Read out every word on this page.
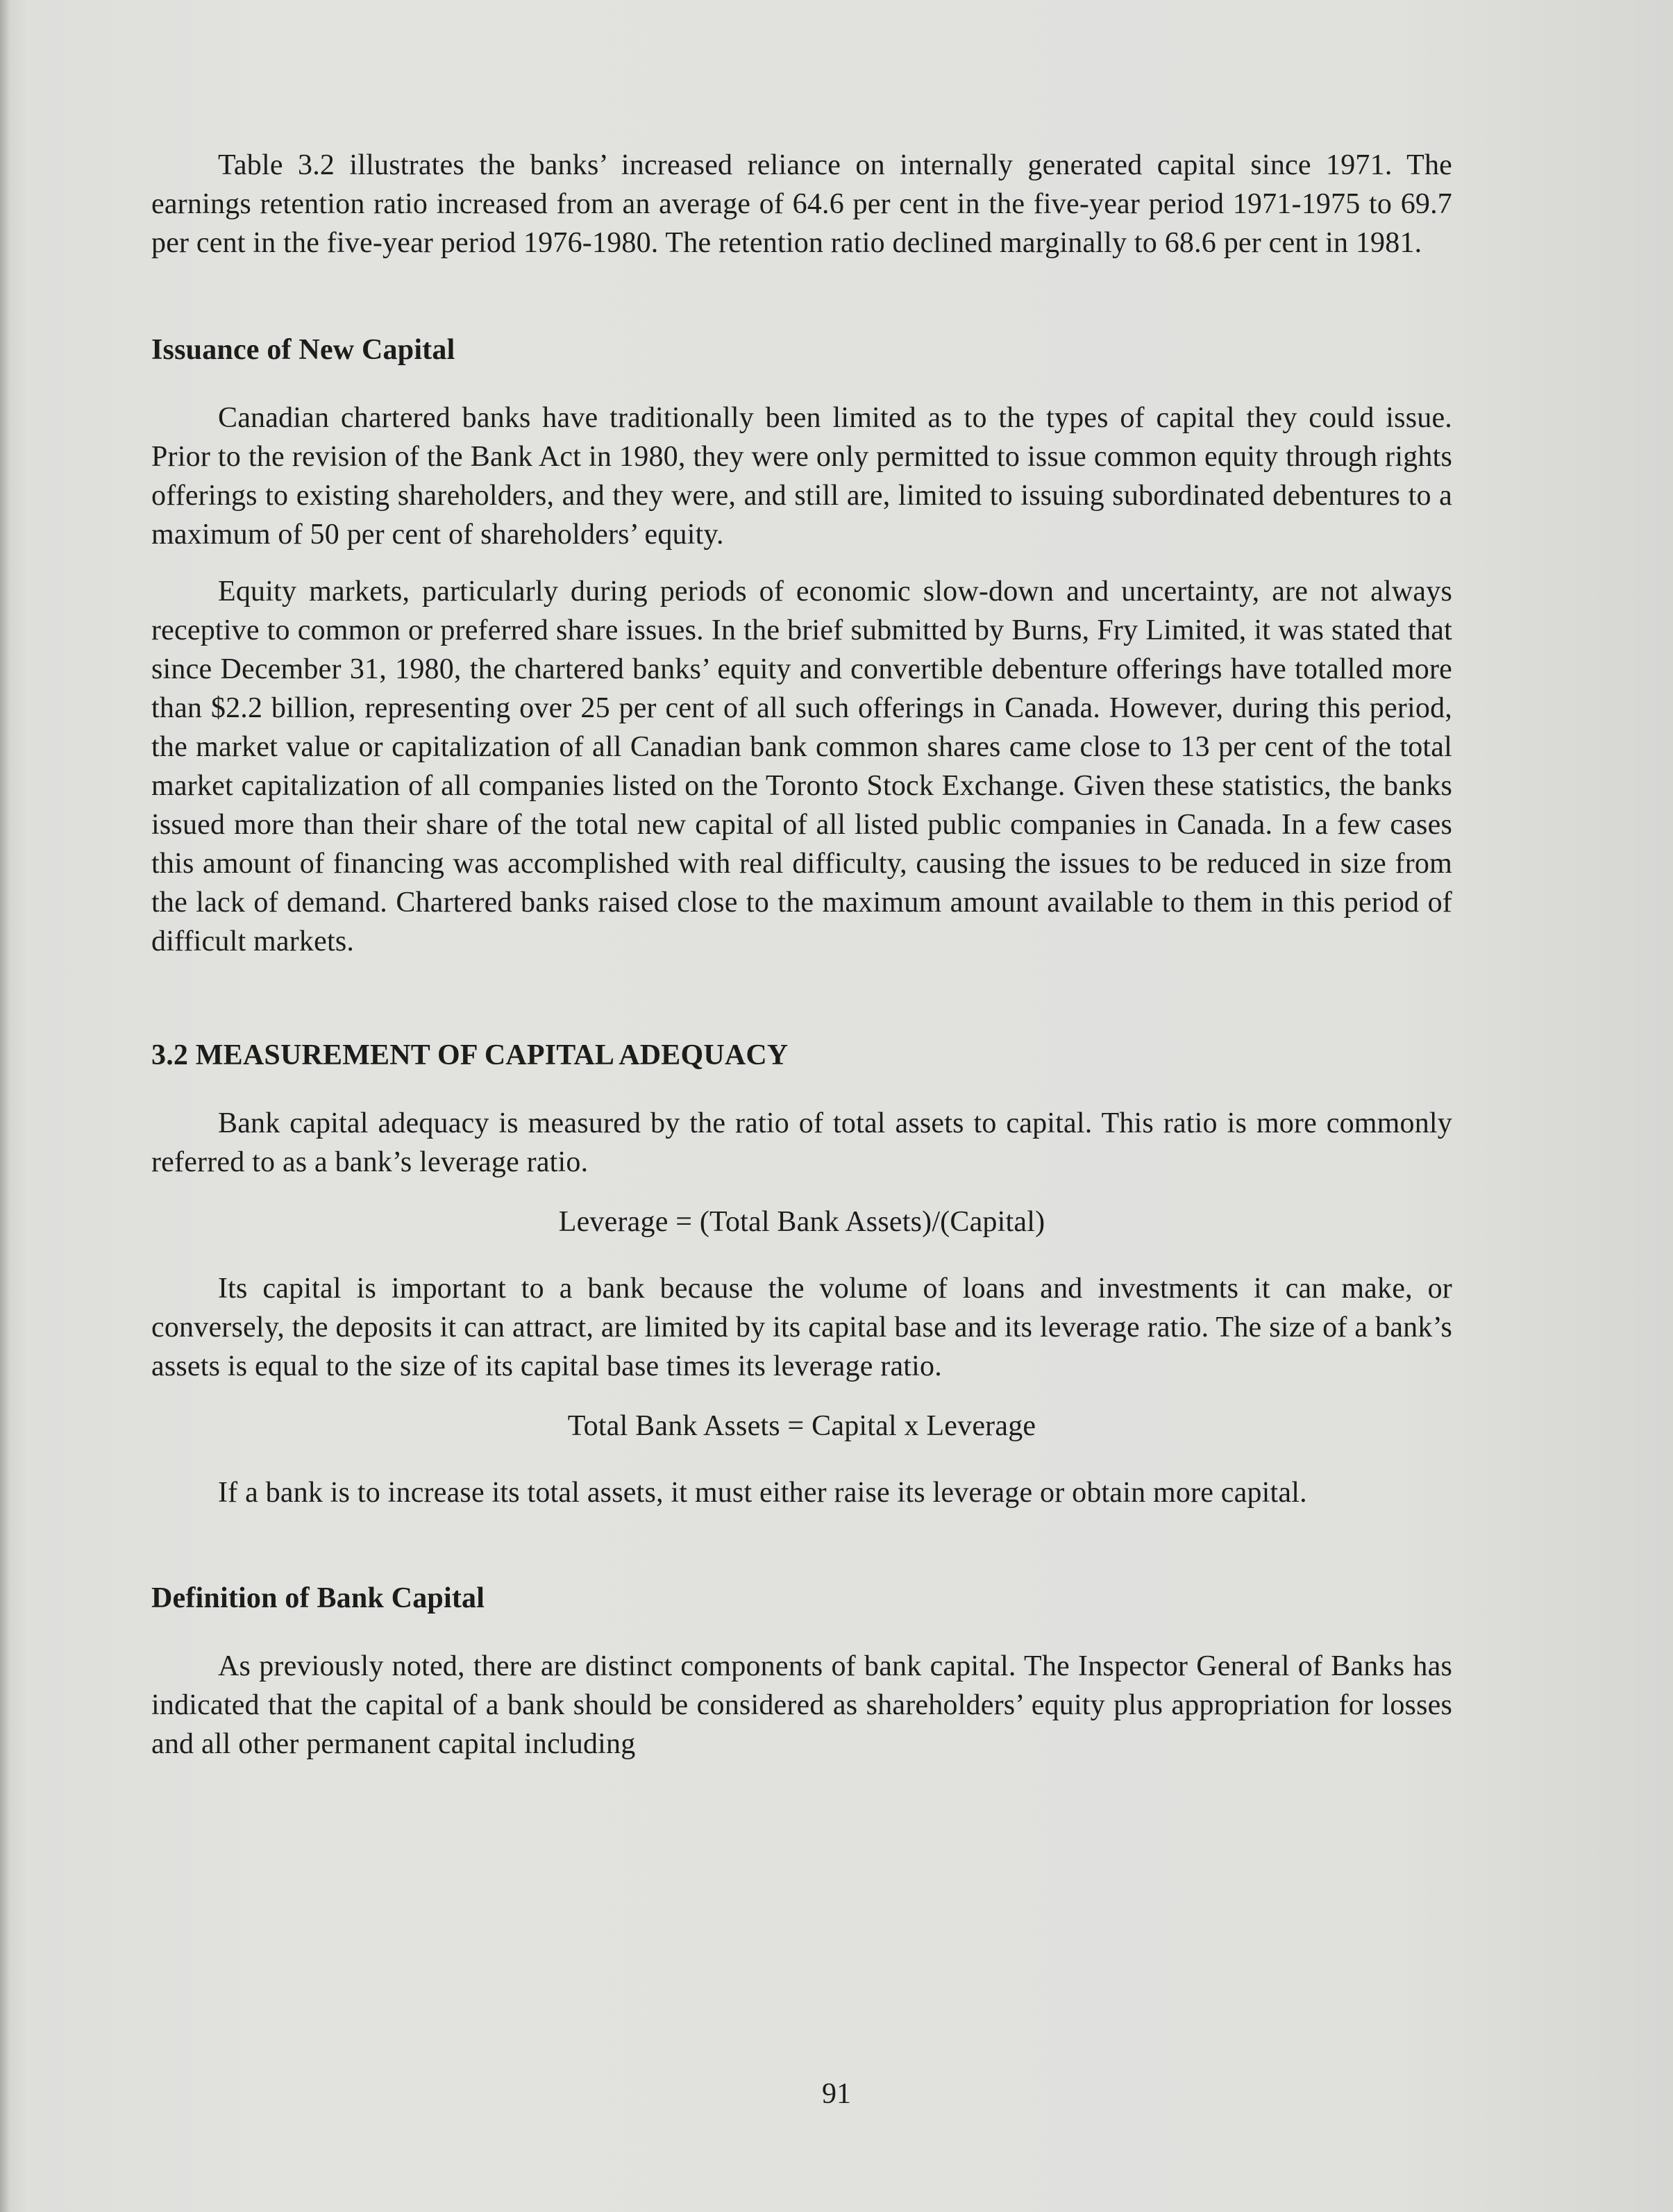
Table 3.2 illustrates the banks’ increased reliance on internally generated capital since 1971. The earnings retention ratio increased from an average of 64.6 per cent in the five-year period 1971-1975 to 69.7 per cent in the five-year period 1976-1980. The retention ratio declined marginally to 68.6 per cent in 1981.

Issuance of New Capital

Canadian chartered banks have traditionally been limited as to the types of capital they could issue. Prior to the revision of the Bank Act in 1980, they were only permitted to issue common equity through rights offerings to existing shareholders, and they were, and still are, limited to issuing subordinated debentures to a maximum of 50 per cent of shareholders’ equity.

Equity markets, particularly during periods of economic slow-down and uncertainty, are not always receptive to common or preferred share issues. In the brief submitted by Burns, Fry Limited, it was stated that since December 31, 1980, the chartered banks’ equity and convertible debenture offerings have totalled more than $2.2 billion, representing over 25 per cent of all such offerings in Canada. However, during this period, the market value or capitalization of all Canadian bank common shares came close to 13 per cent of the total market capitalization of all companies listed on the Toronto Stock Exchange. Given these statistics, the banks issued more than their share of the total new capital of all listed public companies in Canada. In a few cases this amount of financing was accomplished with real difficulty, causing the issues to be reduced in size from the lack of demand. Chartered banks raised close to the maximum amount available to them in this period of difficult markets.

3.2 MEASUREMENT OF CAPITAL ADEQUACY

Bank capital adequacy is measured by the ratio of total assets to capital. This ratio is more commonly referred to as a bank’s leverage ratio.

Leverage = (Total Bank Assets)/(Capital)

Its capital is important to a bank because the volume of loans and investments it can make, or conversely, the deposits it can attract, are limited by its capital base and its leverage ratio. The size of a bank’s assets is equal to the size of its capital base times its leverage ratio.

Total Bank Assets = Capital x Leverage

If a bank is to increase its total assets, it must either raise its leverage or obtain more capital.

Definition of Bank Capital

As previously noted, there are distinct components of bank capital. The Inspector General of Banks has indicated that the capital of a bank should be considered as shareholders’ equity plus appropriation for losses and all other permanent capital including

91
